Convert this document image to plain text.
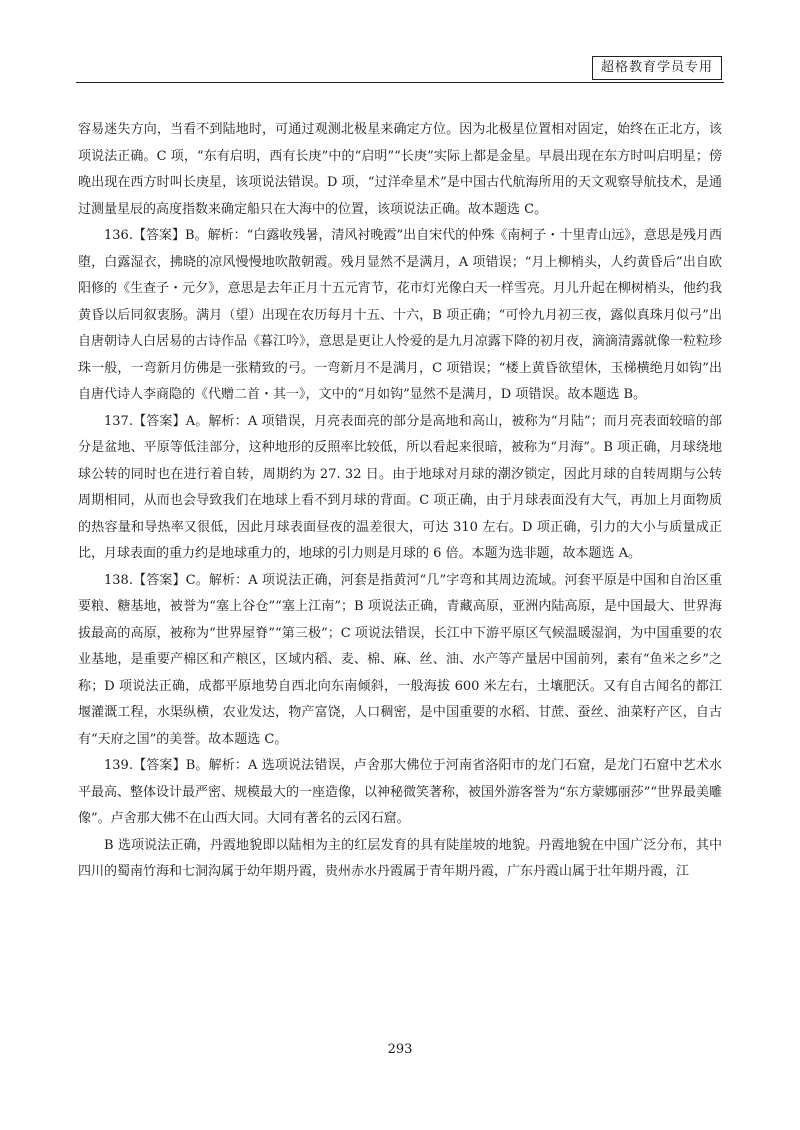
超格教育学员专用

容易迷失方向，当看不到陆地时，可通过观测北极星来确定方位。因为北极星位置相对固定，始终在正北方，该项说法正确。C 项，“东有启明，西有长庚”中的“启明”“长庚”实际上都是金星。早晨出现在东方时叫启明星；傍晚出现在西方时叫长庚星，该项说法错误。D 项，“过洋牵星术”是中国古代航海所用的天文观察导航技术，是通过测量星辰的高度指数来确定船只在大海中的位置，该项说法正确。故本题选 C。

136.【答案】B。解析：“白露收残暑，清风衬晚霞”出自宋代的仲殊《南柯子・十里青山远》，意思是残月西堕，白露湿衣，拂晓的凉风慢慢地吹散朝霞。残月显然不是满月，A 项错误；“月上柳梢头，人约黄昏后”出自欧阳修的《生查子・元夕》，意思是去年正月十五元宵节，花市灯光像白天一样雪亮。月儿升起在柳树梢头，他约我黄昏以后同叙衷肠。满月（望）出现在农历每月十五、十六，B 项正确；“可怜九月初三夜，露似真珠月似弓”出自唐朝诗人白居易的古诗作品《暮江吟》，意思是更让人怜爱的是九月凉露下降的初月夜，滴滴清露就像一粒粒珍珠一般，一弯新月仿佛是一张精致的弓。一弯新月不是满月，C 项错误；“楼上黄昏欲望休，玉梯横绝月如钩”出自唐代诗人李商隐的《代赠二首・其一》，文中的“月如钩”显然不是满月，D 项错误。故本题选 B。

137.【答案】A。解析：A 项错误，月亮表面亮的部分是高地和高山，被称为“月陆”；而月亮表面较暗的部分是盆地、平原等低洼部分，这种地形的反照率比较低，所以看起来很暗，被称为“月海”。B 项正确，月球绕地球公转的同时也在进行着自转，周期约为 27. 32 日。由于地球对月球的潮汐锁定，因此月球的自转周期与公转周期相同，从而也会导致我们在地球上看不到月球的背面。C 项正确，由于月球表面没有大气，再加上月面物质的热容量和导热率又很低，因此月球表面昼夜的温差很大，可达 310 左右。D 项正确，引力的大小与质量成正比，月球表面的重力约是地球重力的，地球的引力则是月球的 6 倍。本题为选非题，故本题选 A。

138.【答案】C。解析：A 项说法正确，河套是指黄河“几”字弯和其周边流域。河套平原是中国和自治区重要粮、糖基地，被誉为“塞上谷仓”“塞上江南”；B 项说法正确，青藏高原，亚洲内陆高原，是中国最大、世界海拔最高的高原，被称为“世界屋脊”“第三极”；C 项说法错误，长江中下游平原区气候温暖湿润，为中国重要的农业基地，是重要产棉区和产粮区，区域内稻、麦、棉、麻、丝、油、水产等产量居中国前列，素有“鱼米之乡”之称；D 项说法正确，成都平原地势自西北向东南倾斜，一般海拔 600 米左右，土壤肥沃。又有自古闻名的都江堰灌溉工程，水渠纵横，农业发达，物产富饶，人口稠密，是中国重要的水稻、甘蔗、蚕丝、油菜籽产区，自古有“天府之国”的美誉。故本题选 C。

139.【答案】B。解析：A 选项说法错误，卢舍那大佛位于河南省洛阳市的龙门石窟，是龙门石窟中艺术水平最高、整体设计最严密、规模最大的一座造像，以神秘微笑著称，被国外游客誉为“东方蒙娜丽莎”“世界最美雕像”。卢舍那大佛不在山西大同。大同有著名的云冈石窟。

B 选项说法正确，丹霞地貌即以陆相为主的红层发育的具有陡崖坡的地貌。丹霞地貌在中国广泛分布，其中四川的蜀南竹海和七洞沟属于幼年期丹霞，贵州赤水丹霞属于青年期丹霞，广东丹霞山属于壮年期丹霞，江

293
